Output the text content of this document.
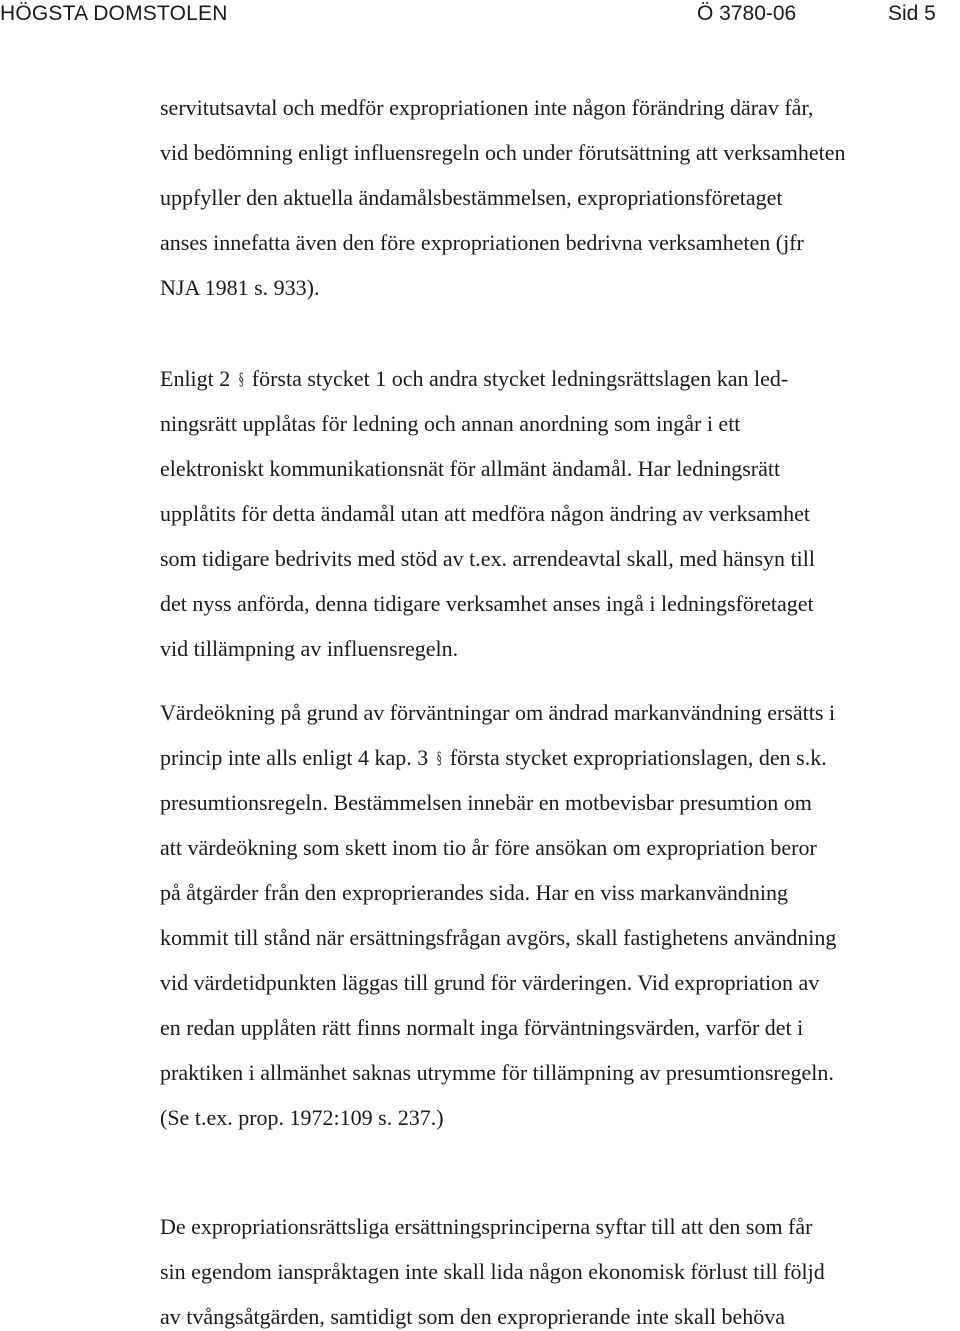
HÖGSTA DOMSTOLEN	Ö 3780-06	Sid 5
servitutsavtal och medför expropriationen inte någon förändring därav får,
vid bedömning enligt influensregeln och under förutsättning att verksamheten
uppfyller den aktuella ändamålsbestämmelsen, expropriationsföretaget
anses innefatta även den före expropriationen bedrivna verksamheten (jfr
NJA 1981 s. 933).
Enligt 2 § första stycket 1 och andra stycket ledningsrättslagen kan led-
ningsrätt upplåtas för ledning och annan anordning som ingår i ett
elektroniskt kommunikationsnät för allmänt ändamål. Har ledningsrätt
upplåtits för detta ändamål utan att medföra någon ändring av verksamhet
som tidigare bedrivits med stöd av t.ex. arrendeavtal skall, med hänsyn till
det nyss anförda, denna tidigare verksamhet anses ingå i ledningsföretaget
vid tillämpning av influensregeln.
Värdeökning på grund av förväntningar om ändrad markanvändning ersätts i
princip inte alls enligt 4 kap. 3 § första stycket expropriationslagen, den s.k.
presumtionsregeln. Bestämmelsen innebär en motbevisbar presumtion om
att värdeökning som skett inom tio år före ansökan om expropriation beror
på åtgärder från den exproprierandes sida. Har en viss markanvändning
kommit till stånd när ersättningsfrågan avgörs, skall fastighetens användning
vid värdetidpunkten läggas till grund för värderingen. Vid expropriation av
en redan upplåten rätt finns normalt inga förväntningsvärden, varför det i
praktiken i allmänhet saknas utrymme för tillämpning av presumtionsregeln.
(Se t.ex. prop. 1972:109 s. 237.)
De expropriationsrättsliga ersättningsprinciperna syftar till att den som får
sin egendom ianspråktagen inte skall lida någon ekonomisk förlust till följd
av tvångsåtgärden, samtidigt som den exproprierande inte skall behöva
